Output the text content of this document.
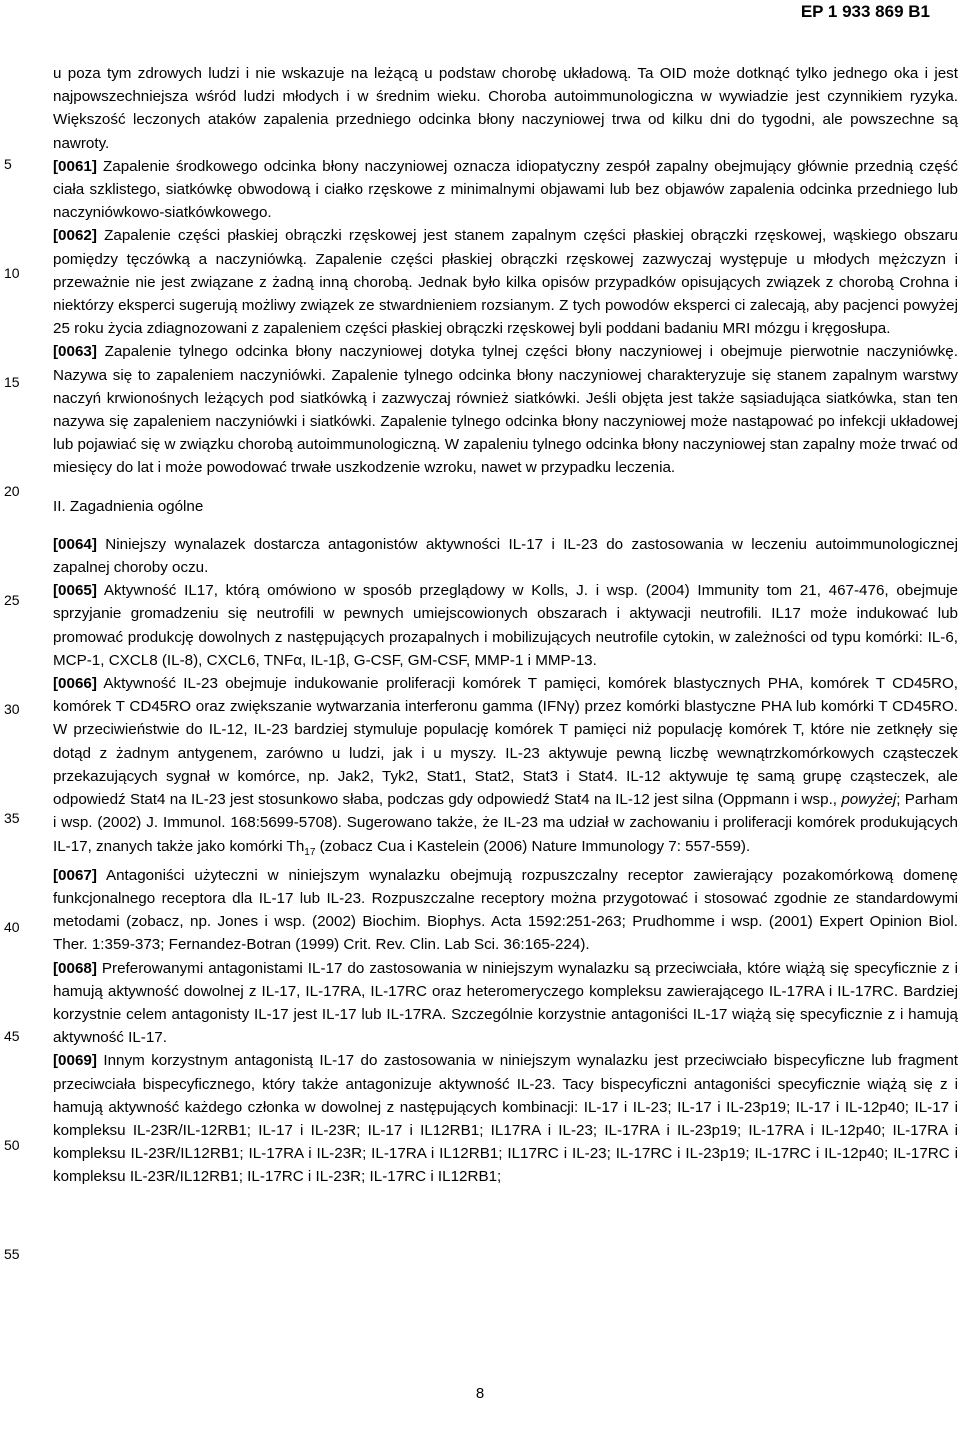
EP 1 933 869 B1
5
10
15
20
25
30
35
40
45
50
55

u poza tym zdrowych ludzi i nie wskazuje na leżącą u podstaw chorobę układową. Ta OID może dotknąć tylko jednego oka i jest najpowszechniejsza wśród ludzi młodych i w średnim wieku. Choroba autoimmunologiczna w wywiadzie jest czynnikiem ryzyka. Większość leczonych ataków zapalenia przedniego odcinka błony naczyniowej trwa od kilku dni do tygodni, ale powszechne są nawroty.

[0061] Zapalenie środkowego odcinka błony naczyniowej oznacza idiopatyczny zespół zapalny obejmujący głównie przednią część ciała szklistego, siatkówkę obwodową i ciałko rzęskowe z minimalnymi objawami lub bez objawów zapalenia odcinka przedniego lub naczyniówkowo-siatkówkowego.

[0062] Zapalenie części płaskiej obrączki rzęskowej jest stanem zapalnym części płaskiej obrączki rzęskowej, wąskiego obszaru pomiędzy tęczówką a naczyniówką. Zapalenie części płaskiej obrączki rzęskowej zazwyczaj występuje u młodych mężczyzn i przeważnie nie jest związane z żadną inną chorobą. Jednak było kilka opisów przypadków opisujących związek z chorobą Crohna i niektórzy eksperci sugerują możliwy związek ze stwardnieniem rozsianym. Z tych powodów eksperci ci zalecają, aby pacjenci powyżej 25 roku życia zdiagnozowani z zapaleniem części płaskiej obrączki rzęskowej byli poddani badaniu MRI mózgu i kręgosłupa.

[0063] Zapalenie tylnego odcinka błony naczyniowej dotyka tylnej części błony naczyniowej i obejmuje pierwotnie naczyniówkę. Nazywa się to zapaleniem naczyniówki. Zapalenie tylnego odcinka błony naczyniowej charakteryzuje się stanem zapalnym warstwy naczyń krwionośnych leżących pod siatkówką i zazwyczaj również siatkówki. Jeśli objęta jest także sąsiadująca siatkówka, stan ten nazywa się zapaleniem naczyniówki i siatkówki. Zapalenie tylnego odcinka błony naczyniowej może nastąpować po infekcji układowej lub pojawiać się w związku chorobą autoimmunologiczną. W zapaleniu tylnego odcinka błony naczyniowej stan zapalny może trwać od miesięcy do lat i może powodować trwałe uszkodzenie wzroku, nawet w przypadku leczenia.

II. Zagadnienia ogólne

[0064] Niniejszy wynalazek dostarcza antagonistów aktywności IL-17 i IL-23 do zastosowania w leczeniu autoimmunologicznej zapalnej choroby oczu.

[0065] Aktywność IL17, którą omówiono w sposób przeglądowy w Kolls, J. i wsp. (2004) Immunity tom 21, 467-476, obejmuje sprzyjanie gromadzeniu się neutrofili w pewnych umiejscowionych obszarach i aktywacji neutrofili. IL17 może indukować lub promować produkcję dowolnych z następujących prozapalnych i mobilizujących neutrofile cytokin, w zależności od typu komórki: IL-6, MCP-1, CXCL8 (IL-8), CXCL6, TNFα, IL-1β, G-CSF, GM-CSF, MMP-1 i MMP-13.

[0066] Aktywność IL-23 obejmuje indukowanie proliferacji komórek T pamięci, komórek blastycznych PHA, komórek T CD45RO, komórek T CD45RO oraz zwiększanie wytwarzania interferonu gamma (IFNγ) przez komórki blastyczne PHA lub komórki T CD45RO. W przeciwieństwie do IL-12, IL-23 bardziej stymuluje populację komórek T pamięci niż populację komórek T, które nie zetknęły się dotąd z żadnym antygenem, zarówno u ludzi, jak i u myszy. IL-23 aktywuje pewną liczbę wewnątrzkomórkowych cząsteczek przekazujących sygnał w komórce, np. Jak2, Tyk2, Stat1, Stat2, Stat3 i Stat4. IL-12 aktywuje tę samą grupę cząsteczek, ale odpowiedź Stat4 na IL-23 jest stosunkowo słaba, podczas gdy odpowiedź Stat4 na IL-12 jest silna (Oppmann i wsp., powyżej; Parham i wsp. (2002) J. Immunol. 168:5699-5708). Sugerowano także, że IL-23 ma udział w zachowaniu i proliferacji komórek produkujących IL-17, znanych także jako komórki $Th_{17}$ (zobacz Cua i Kastelein (2006) Nature Immunology 7: 557-559).

[0067] Antagoniści użyteczni w niniejszym wynalazku obejmują rozpuszczalny receptor zawierający pozakomórkową domenę funkcjonalnego receptora dla IL-17 lub IL-23. Rozpuszczalne receptory można przygotować i stosować zgodnie ze standardowymi metodami (zobacz, np. Jones i wsp. (2002) Biochim. Biophys. Acta 1592:251-263; Prudhomme i wsp. (2001) Expert Opinion Biol. Ther. 1:359-373; Fernandez-Botran (1999) Crit. Rev. Clin. Lab Sci. 36:165-224).

[0068] Preferowanymi antagonistami IL-17 do zastosowania w niniejszym wynalazku są przeciwciała, które wiążą się specyficznie z i hamują aktywność dowolnej z IL-17, IL-17RA, IL-17RC oraz heteromeryczego kompleksu zawierającego IL-17RA i IL-17RC. Bardziej korzystnie celem antagonisty IL-17 jest IL-17 lub IL-17RA. Szczególnie korzystnie antagoniści IL-17 wiążą się specyficznie z i hamują aktywność IL-17.

[0069] Innym korzystnym antagonistą IL-17 do zastosowania w niniejszym wynalazku jest przeciwciało bispecyficzne lub fragment przeciwciała bispecyficznego, który także antagonizuje aktywność IL-23. Tacy bispecyficzni antagoniści specyficznie wiążą się z i hamują aktywność każdego członka w dowolnej z następujących kombinacji: IL-17 i IL-23; IL-17 i IL-23p19; IL-17 i IL-12p40; IL-17 i kompleksu IL-23R/IL-12RB1; IL-17 i IL-23R; IL-17 i IL12RB1; IL17RA i IL-23; IL-17RA i IL-23p19; IL-17RA i IL-12p40; IL-17RA i kompleksu IL-23R/IL12RB1; IL-17RA i IL-23R; IL-17RA i IL12RB1; IL17RC i IL-23; IL-17RC i IL-23p19; IL-17RC i IL-12p40; IL-17RC i kompleksu IL-23R/IL12RB1; IL-17RC i IL-23R; IL-17RC i IL12RB1;

8
